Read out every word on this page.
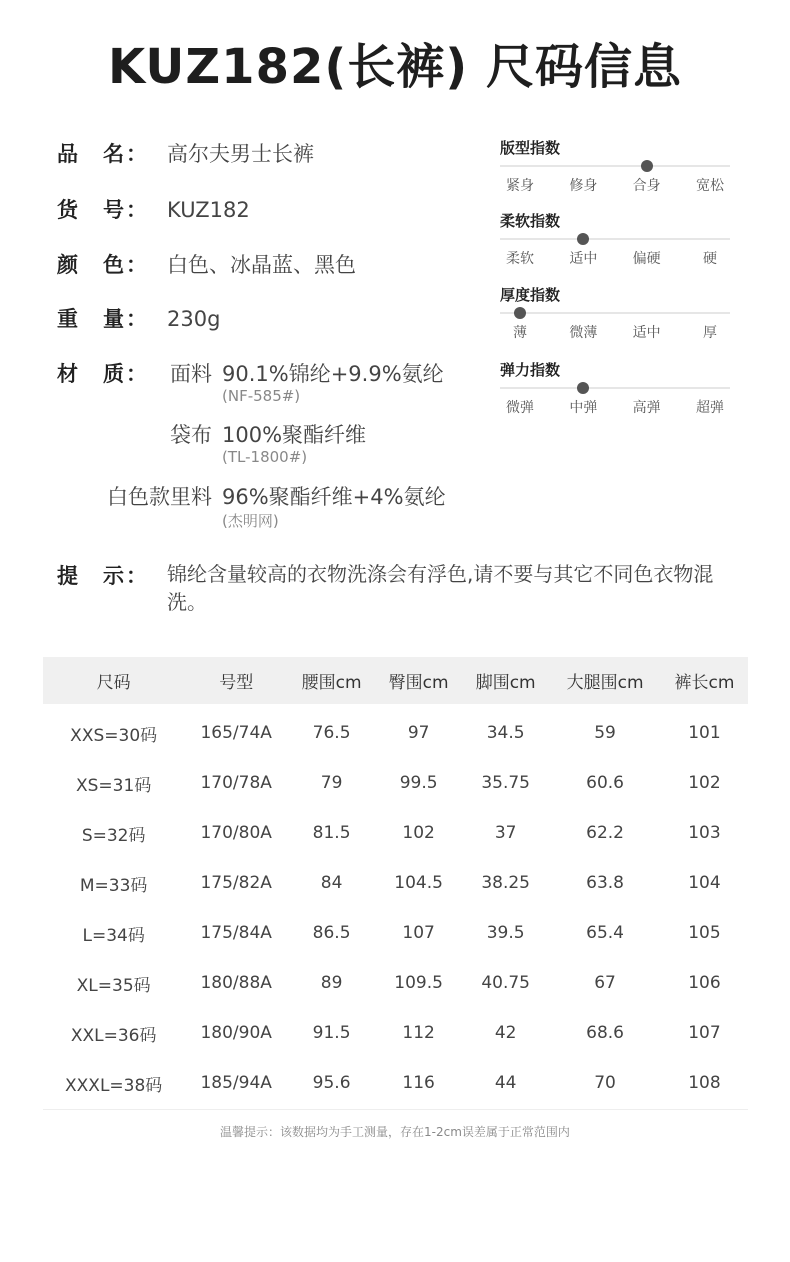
KUZ182(长裤) 尺码信息
品　名： 高尔夫男士长裤
货　号： KUZ182
颜　色： 白色、冰晶蓝、黑色
重　量： 230g
材　质：	面料 90.1%锦纶+9.9%氨纶
(NF-585#)
袋布 100%聚酯纤维
(TL-1800#)
白色款里料 96%聚酯纤维+4%氨纶
(杰明网)
提　示： 锦纶含量较高的衣物洗涤会有浮色,请不要与其它不同色衣物混洗。
版型指数
紧身	修身	合身	宽松
柔软指数
柔软	适中	偏硬	硬
厚度指数
薄	微薄	适中	厚
弹力指数
微弹	中弹	高弹	超弹
尺码	号型	腰围cm	臀围cm	脚围cm	大腿围cm	裤长cm
XXS=30码	165/74A	76.5	97	34.5	59	101
XS=31码	170/78A	79	99.5	35.75	60.6	102
S=32码	170/80A	81.5	102	37	62.2	103
M=33码	175/82A	84	104.5	38.25	63.8	104
L=34码	175/84A	86.5	107	39.5	65.4	105
XL=35码	180/88A	89	109.5	40.75	67	106
XXL=36码	180/90A	91.5	112	42	68.6	107
XXXL=38码	185/94A	95.6	116	44	70	108
温馨提示：该数据均为手工测量，存在1-2cm误差属于正常范围内
